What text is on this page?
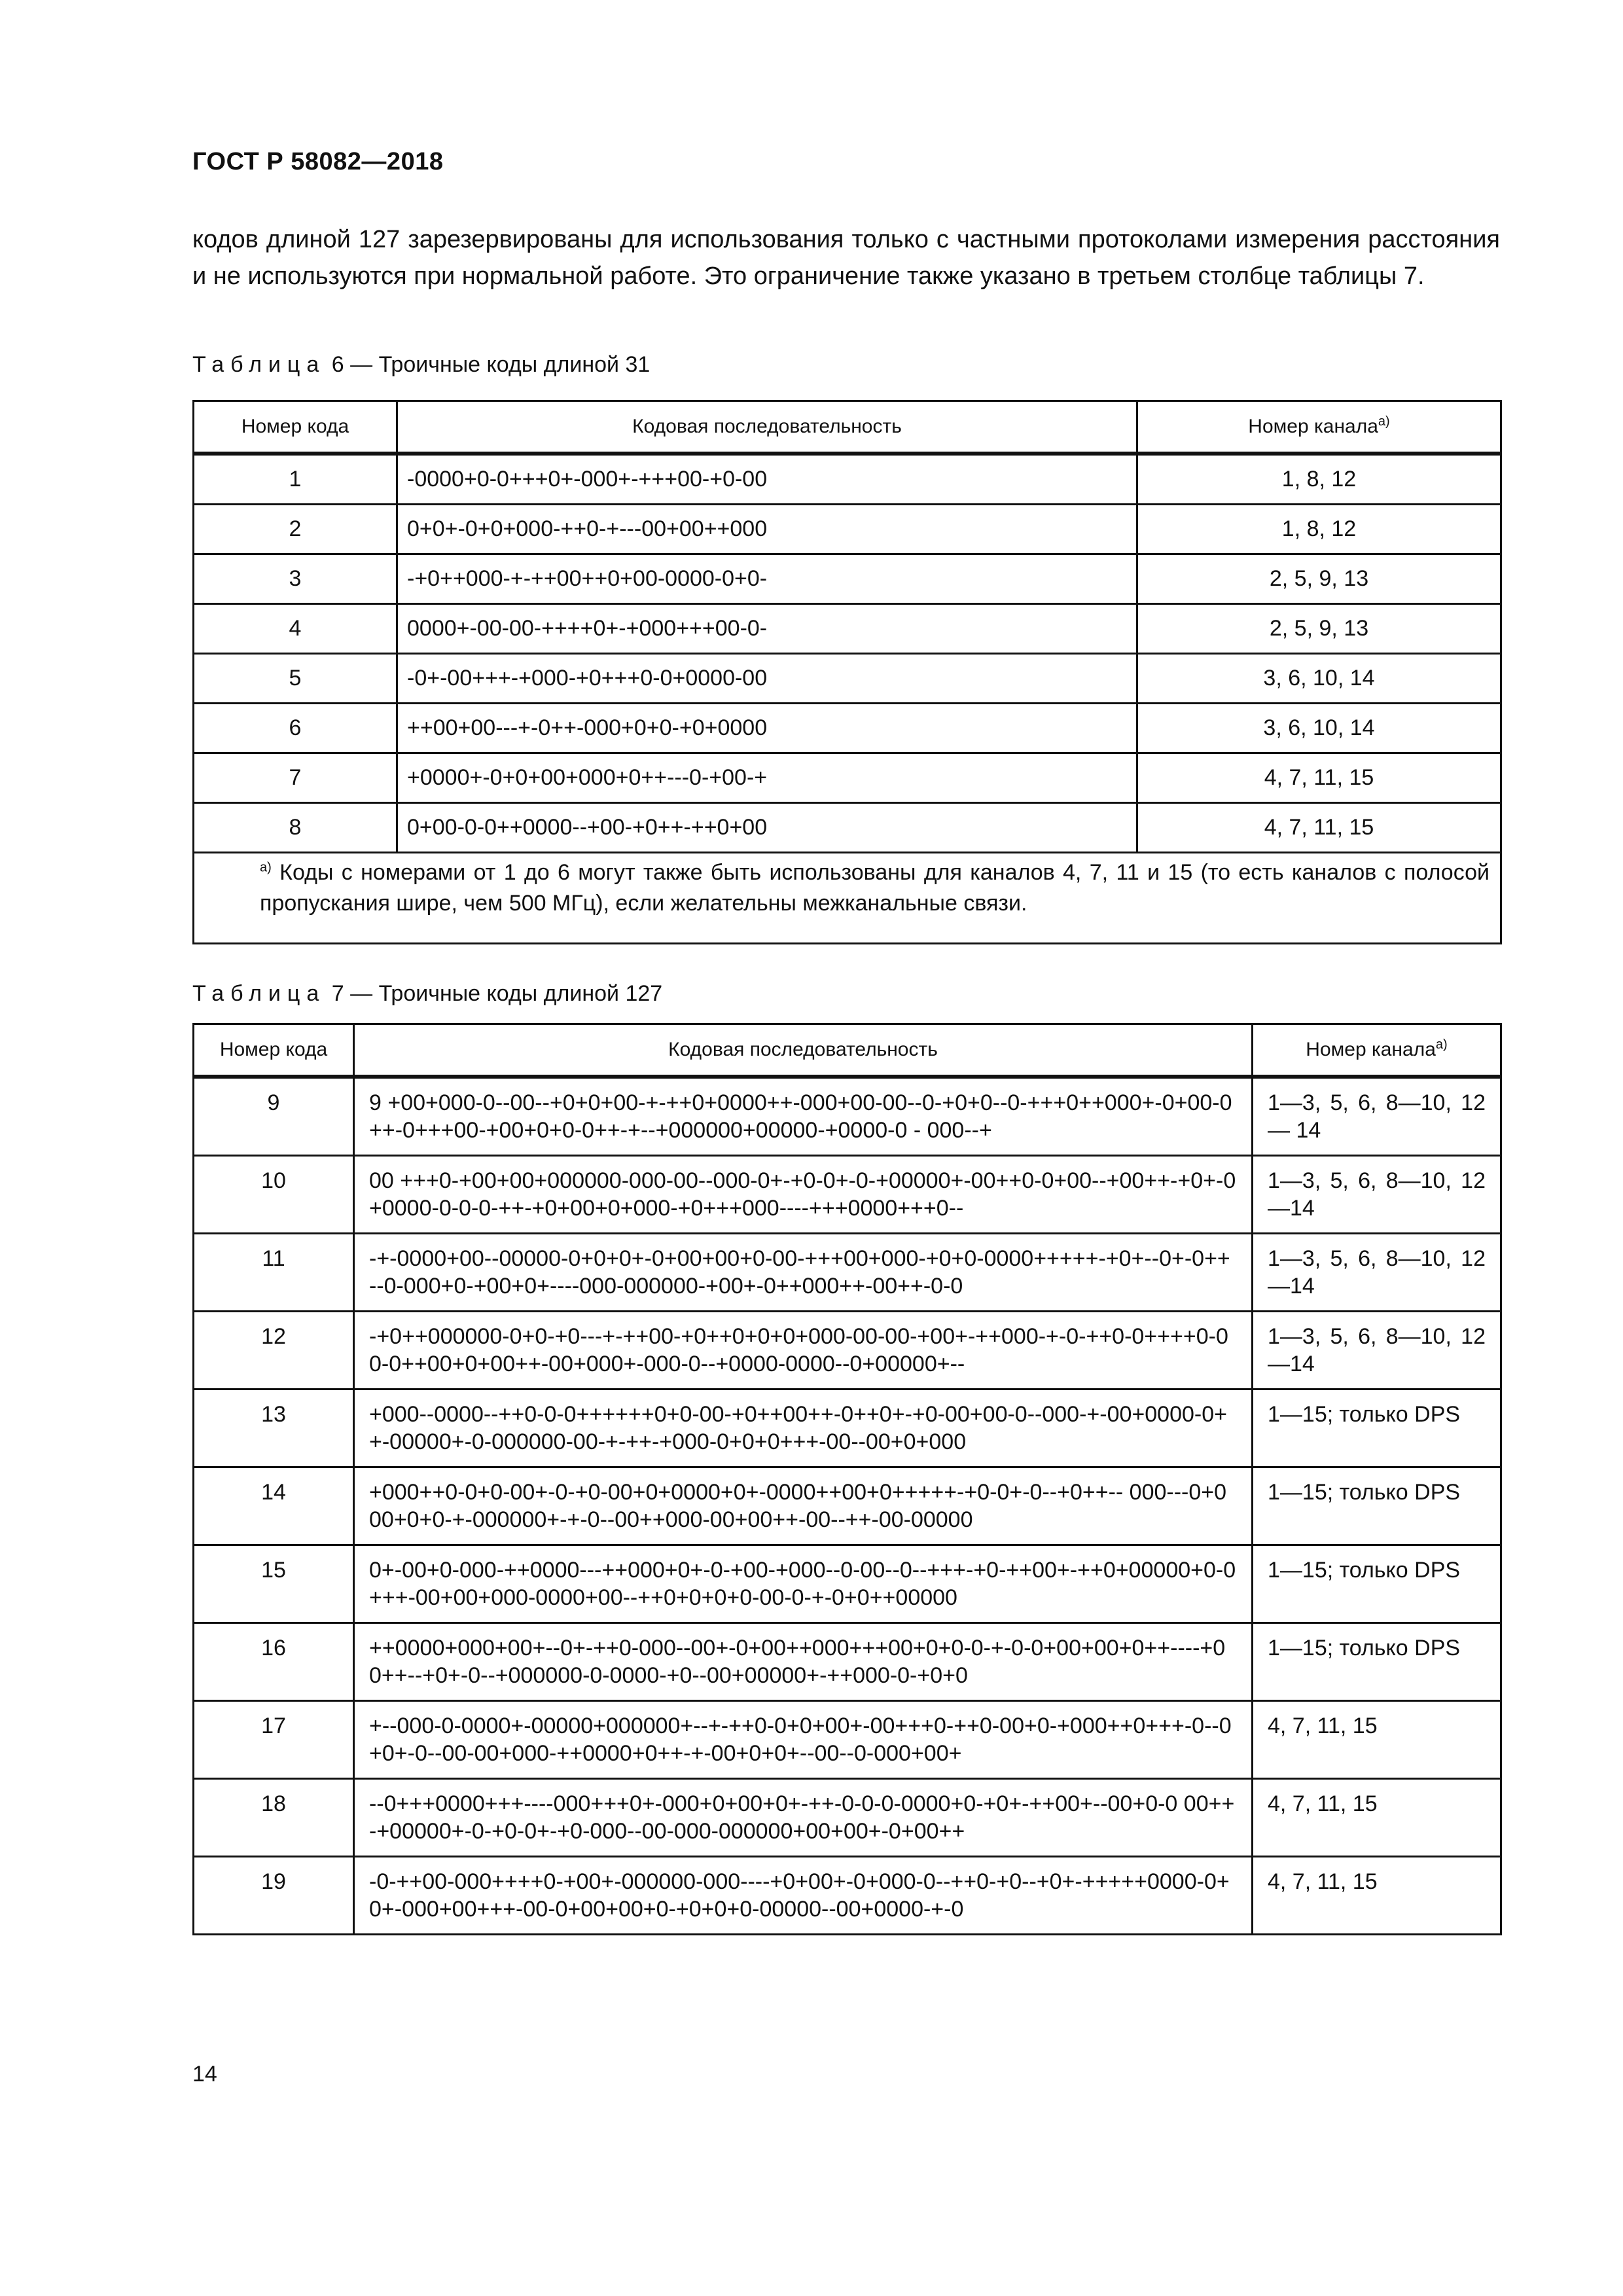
ГОСТ Р 58082—2018
кодов длиной 127 зарезервированы для использования только с частными протоколами измерения расстояния и не используются при нормальной работе. Это ограничение также указано в третьем столбце таблицы 7.
Таблица 6 — Троичные коды длиной 31
Номер кода	Кодовая последовательность	Номер канала$^{а)}$
1	-0000+0-0+++0+-000+-+++00-+0-00	1, 8, 12
2	0+0+-0+0+000-++0-+---00+00++000	1, 8, 12
3	-+0++000-+-++00++0+00-0000-0+0-	2, 5, 9, 13
4	0000+-00-00-++++0+-+000+++00-0-	2, 5, 9, 13
5	-0+-00+++-+000-+0+++0-0+0000-00	3, 6, 10, 14
6	++00+00---+-0++-000+0+0-+0+0000	3, 6, 10, 14
7	+0000+-0+0+00+000+0++---0-+00-+	4, 7, 11, 15
8	0+00-0-0++0000--+00-+0++-++0+00	4, 7, 11, 15

$^{а)}$ Коды с номерами от 1 до 6 могут также быть использованы для каналов 4, 7, 11 и 15 (то есть каналов с полосой пропускания шире, чем 500 МГц), если желательны межканальные связи.		
Таблица 7 — Троичные коды длиной 127
Номер кода	Кодовая последовательность	Номер канала$^{а)}$
9	9 +00+000-0--00--+0+0+00-+-++0+0000++-000+00-00--0-+0+0--0-+++0++000+-0+00-0++-0+++00-+00+0+0-0++-+--+000000+00000-+0000-0 - 000--+	1—3, 5, 6, 8—10, 12— 14
10	00 +++0-+00+00+000000-000-00--000-0+-+0-0+-0-+00000+-00++0-0+00--+00++-+0+-0+0000-0-0-0-++-+0+00+0+000-+0+++000----+++0000+++0--	1—3, 5, 6, 8—10, 12—14
11	-+-0000+00--00000-0+0+0+-0+00+00+0-00-+++00+000-+0+0-0000+++++-+0+--0+-0++--0-000+0-+00+0+----000-000000-+00+-0++000++-00++-0-0	1—3, 5, 6, 8—10, 12—14
12	-+0++000000-0+0-+0---+-++00-+0++0+0+0+000-00-00-+00+-++000-+-0-++0-0++++0-00-0++00+0+00++-00+000+-000-0--+0000-0000--0+00000+--	1—3, 5, 6, 8—10, 12—14
13	+000--0000--++0-0-0++++++0+0-00-+0++00++-0++0+-+0-00+00-0--000-+-00+0000-0++-00000+-0-000000-00-+-++-+000-0+0+0+++-00--00+0+000	1—15; только DPS
14	+000++0-0+0-00+-0-+0-00+0+0000+0+-0000++00+0+++++-+0-0+-0--+0++-- 000---0+000+0+0-+-000000+-+-0--00++000-00+00++-00--++-00-00000	1—15; только DPS
15	0+-00+0-000-++0000---++000+0+-0-+00-+000--0-00--0--+++-+0-++00+-++0+00000+0-0+++-00+00+000-0000+00--++0+0+0+0-00-0-+-0+0++00000	1—15; только DPS
16	++0000+000+00+--0+-++0-000--00+-0+00++000+++00+0+0-0-+-0-0+00+00+0++----+00++--+0+-0--+000000-0-0000-+0--00+00000+-++000-0-+0+0	1—15; только DPS
17	+--000-0-0000+-00000+000000+--+-++0-0+0+00+-00+++0-++0-00+0-+000++0+++-0--0+0+-0--00-00+000-++0000+0++-+-00+0+0+--00--0-000+00+	4, 7, 11, 15
18	--0+++0000+++----000+++0+-000+0+00+0+-++-0-0-0-0000+0-+0+-++00+--00+0-0 00++-+00000+-0-+0-0+-+0-000--00-000-000000+00+00+-0+00++	4, 7, 11, 15
19	-0-++00-000++++0-+00+-000000-000----+0+00+-0+000-0--++0-+0--+0+-+++++0000-0+0+-000+00+++-00-0+00+00+0-+0+0+0-00000--00+0000-+-0	4, 7, 11, 15
14
